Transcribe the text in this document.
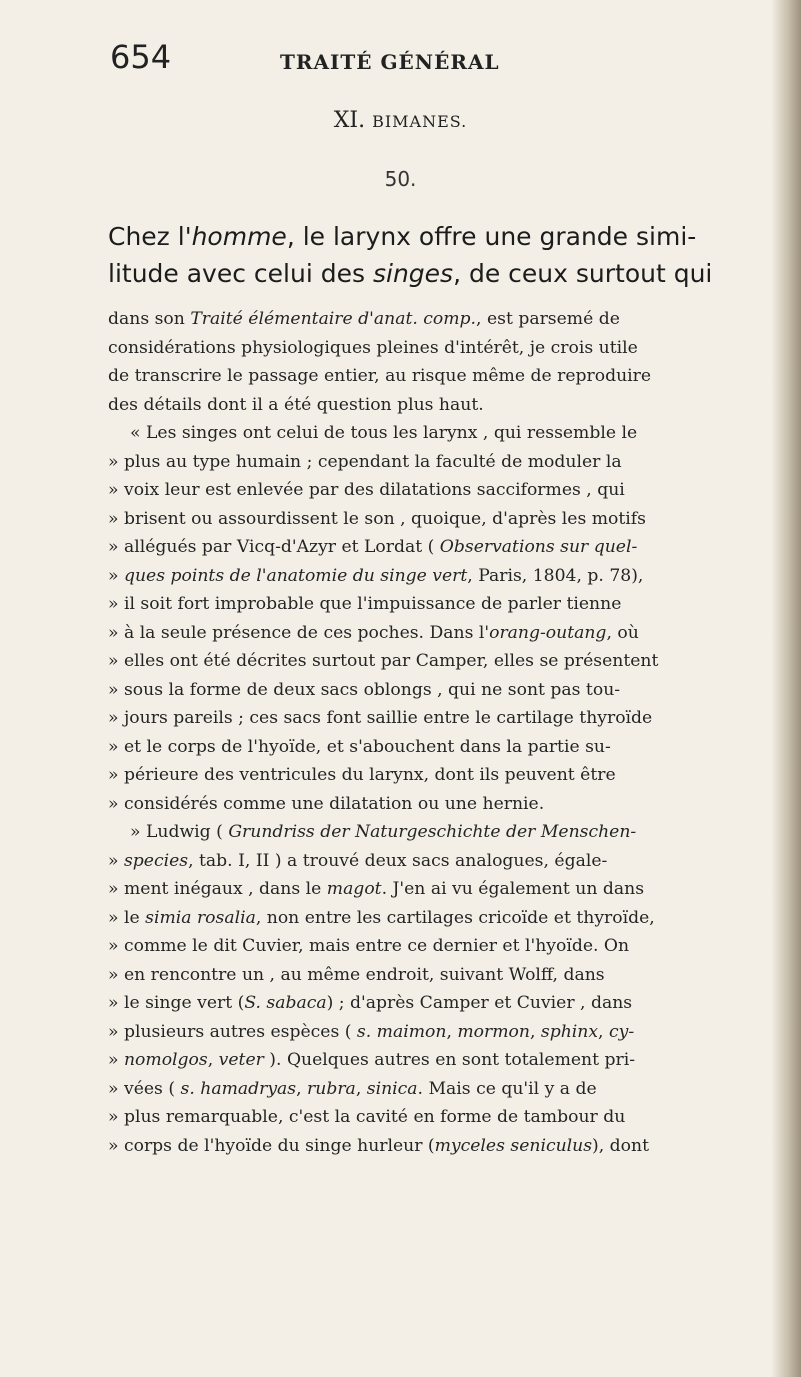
654	TRAITÉ GÉNÉRAL
XI. BIMANES.
50.
Chez l'homme, le larynx offre une grande simi-
litude avec celui des singes, de ceux surtout qui
dans son Traité élémentaire d'anat. comp., est parsemé de
considérations physiologiques pleines d'intérêt, je crois utile
de transcrire le passage entier, au risque même de reproduire
des détails dont il a été question plus haut.
« Les singes ont celui de tous les larynx , qui ressemble le
» plus au type humain ; cependant la faculté de moduler la
» voix leur est enlevée par des dilatations sacciformes , qui
» brisent ou assourdissent le son , quoique, d'après les motifs
» allégués par Vicq-d'Azyr et Lordat ( Observations sur quel-
» ques points de l'anatomie du singe vert, Paris, 1804, p. 78),
» il soit fort improbable que l'impuissance de parler tienne
» à la seule présence de ces poches. Dans l'orang-outang, où
» elles ont été décrites surtout par Camper, elles se présentent
» sous la forme de deux sacs oblongs , qui ne sont pas tou-
» jours pareils ; ces sacs font saillie entre le cartilage thyroïde
» et le corps de l'hyoïde, et s'abouchent dans la partie su-
» périeure des ventricules du larynx, dont ils peuvent être
» considérés comme une dilatation ou une hernie.
» Ludwig ( Grundriss der Naturgeschichte der Menschen-
» species, tab. I, II ) a trouvé deux sacs analogues, égale-
» ment inégaux , dans le magot. J'en ai vu également un dans
» le simia rosalia, non entre les cartilages cricoïde et thyroïde,
» comme le dit Cuvier, mais entre ce dernier et l'hyoïde. On
» en rencontre un , au même endroit, suivant Wolff, dans
» le singe vert (S. sabaca) ; d'après Camper et Cuvier , dans
» plusieurs autres espèces ( s. maimon, mormon, sphinx, cy-
» nomolgos, veter ). Quelques autres en sont totalement pri-
» vées ( s. hamadryas, rubra, sinica. Mais ce qu'il y a de
» plus remarquable, c'est la cavité en forme de tambour du
» corps de l'hyoïde du singe hurleur (myceles seniculus), dont
